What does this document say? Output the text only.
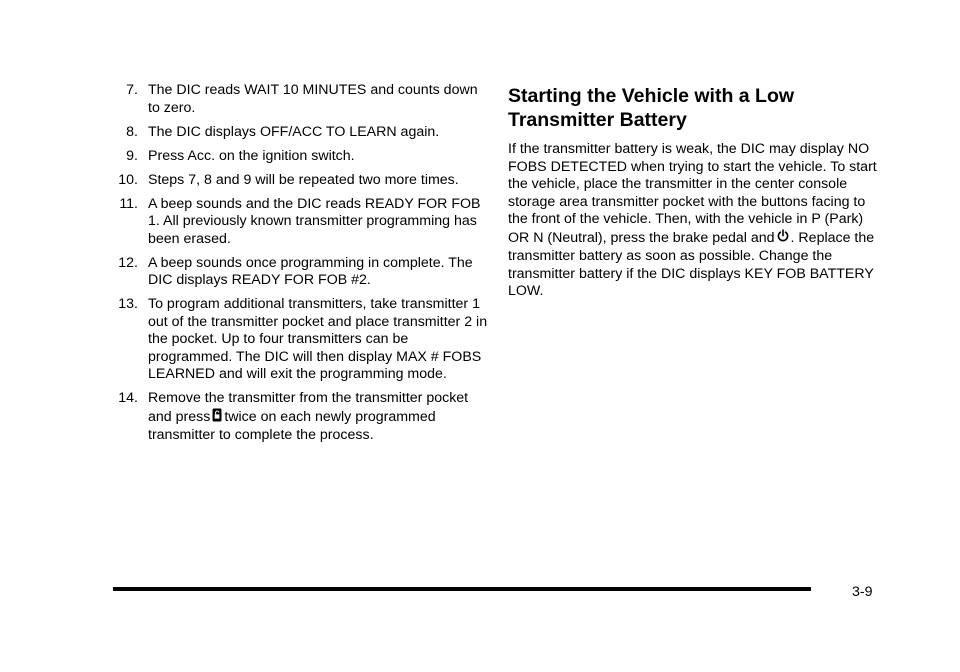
7. The DIC reads WAIT 10 MINUTES and counts down to zero.
8. The DIC displays OFF/ACC TO LEARN again.
9. Press Acc. on the ignition switch.
10. Steps 7, 8 and 9 will be repeated two more times.
11. A beep sounds and the DIC reads READY FOR FOB 1. All previously known transmitter programming has been erased.
12. A beep sounds once programming in complete. The DIC displays READY FOR FOB #2.
13. To program additional transmitters, take transmitter 1 out of the transmitter pocket and place transmitter 2 in the pocket. Up to four transmitters can be programmed. The DIC will then display MAX # FOBS LEARNED and will exit the programming mode.
14. Remove the transmitter from the transmitter pocket and press twice on each newly programmed transmitter to complete the process.
Starting the Vehicle with a Low Transmitter Battery

If the transmitter battery is weak, the DIC may display NO FOBS DETECTED when trying to start the vehicle. To start the vehicle, place the transmitter in the center console storage area transmitter pocket with the buttons facing to the front of the vehicle. Then, with the vehicle in P (Park) OR N (Neutral), press the brake pedal and . Replace the transmitter battery as soon as possible. Change the transmitter battery if the DIC displays KEY FOB BATTERY LOW.

3-9
